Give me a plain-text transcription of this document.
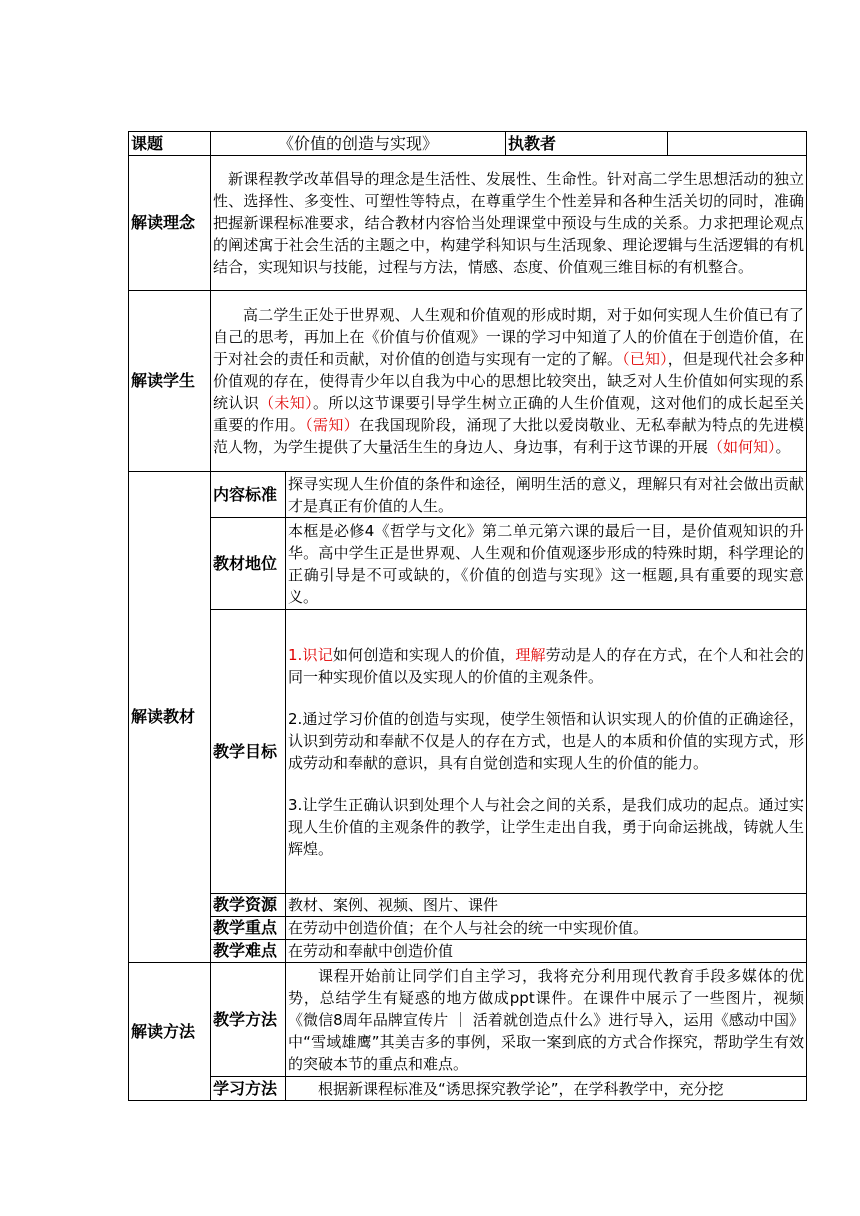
课题	《价值的创造与实现》		执教者	
解读理念	新课程教学改革倡导的理念是生活性、发展性、生命性。针对高二学生思想活动的独立性、选择性、多变性、可塑性等特点，在尊重学生个性差异和各种生活关切的同时，准确把握新课程标准要求，结合教材内容恰当处理课堂中预设与生成的关系。力求把理论观点的阐述寓于社会生活的主题之中，构建学科知识与生活现象、理论逻辑与生活逻辑的有机结合，实现知识与技能，过程与方法，情感、态度、价值观三维目标的有机整合。			

解读学生	高二学生正处于世界观、人生观和价值观的形成时期，对于如何实现人生价值已有了自己的思考，再加上在《价值与价值观》一课的学习中知道了人的价值在于创造价值，在于对社会的责任和贡献，对价值的创造与实现有一定的了解。（已知），但是现代社会多种价值观的存在，使得青少年以自我为中心的思想比较突出，缺乏对人生价值如何实现的系统认识（未知）。所以这节课要引导学生树立正确的人生价值观，这对他们的成长起至关重要的作用。（需知）在我国现阶段，涌现了大批以爱岗敬业、无私奉献为特点的先进模范人物，为学生提供了大量活生生的身边人、身边事，有利于这节课的开展（如何知）。			

解读教材	内容标准	探寻实现人生价值的条件和途径，阐明生活的意义，理解只有对社会做出贡献才是真正有价值的人生。		
	教材地位	本框是必修4《哲学与文化》第二单元第六课的最后一目，是价值观知识的升华。高中学生正是世界观、人生观和价值观逐步形成的特殊时期，科学理论的正确引导是不可或缺的，《价值的创造与实现》这一框题,具有重要的现实意义。		
	教学目标	1.识记如何创造和实现人的价值，理解劳动是人的存在方式，在个人和社会的同一种实现价值以及实现人的价值的主观条件。

2.通过学习价值的创造与实现，使学生领悟和认识实现人的价值的正确途径，认识到劳动和奉献不仅是人的存在方式，也是人的本质和价值的实现方式，形成劳动和奉献的意识，具有自觉创造和实现人生的价值的能力。

3.让学生正确认识到处理个人与社会之间的关系，是我们成功的起点。通过实现人生价值的主观条件的教学，让学生走出自我，勇于向命运挑战，铸就人生辉煌。		

	教学资源	教材、案例、视频、图片、课件		
	教学重点	在劳动中创造价值；在个人与社会的统一中实现价值。		
	教学难点	在劳动和奉献中创造价值		
解读方法	教学方法	课程开始前让同学们自主学习，我将充分利用现代教育手段多媒体的优势，总结学生有疑惑的地方做成ppt课件。在课件中展示了一些图片，视频《微信8周年品牌宣传片 ｜ 活着就创造点什么》进行导入，运用《感动中国》中“雪域雄鹰”其美吉多的事例，采取一案到底的方式合作探究，帮助学生有效的突破本节的重点和难点。		

	学习方法	根据新课程标准及“诱思探究教学论”，在学科教学中，充分挖		
